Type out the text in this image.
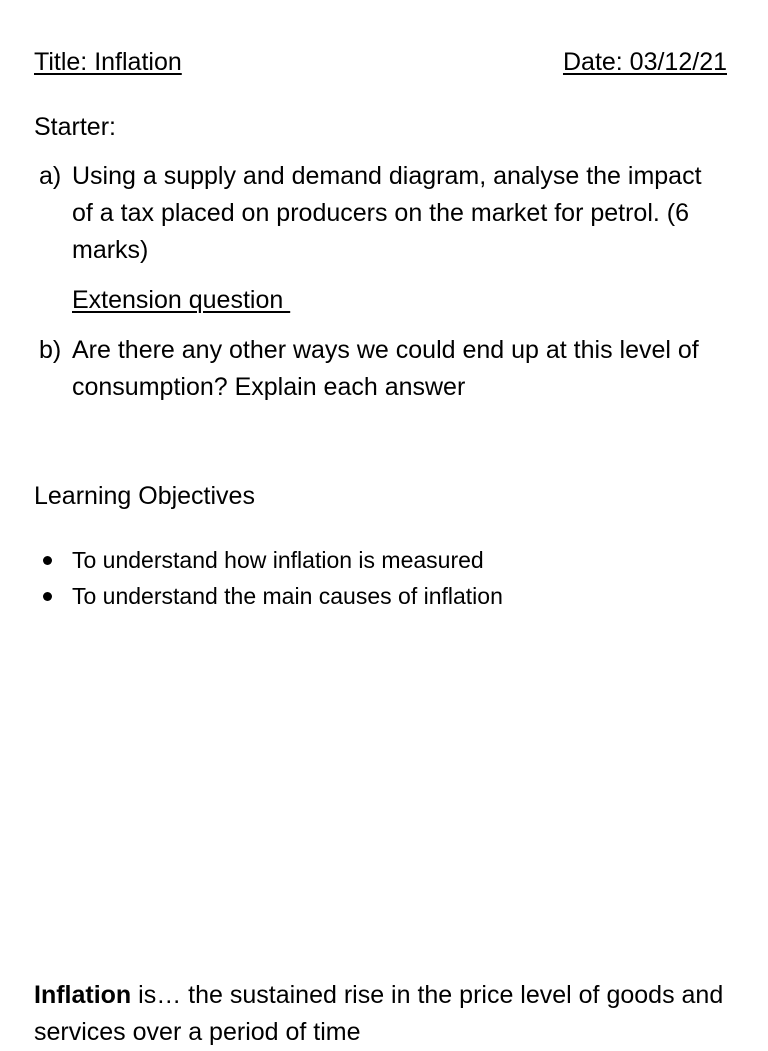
Title: Inflation	Date: 03/12/21
Starter:
a) Using a supply and demand diagram, analyse the impact of a tax placed on producers on the market for petrol. (6 marks)
Extension question
b) Are there any other ways we could end up at this level of consumption? Explain each answer
Learning Objectives
To understand how inflation is measured
To understand the main causes of inflation
Inflation is… the sustained rise in the price level of goods and services over a period of time
